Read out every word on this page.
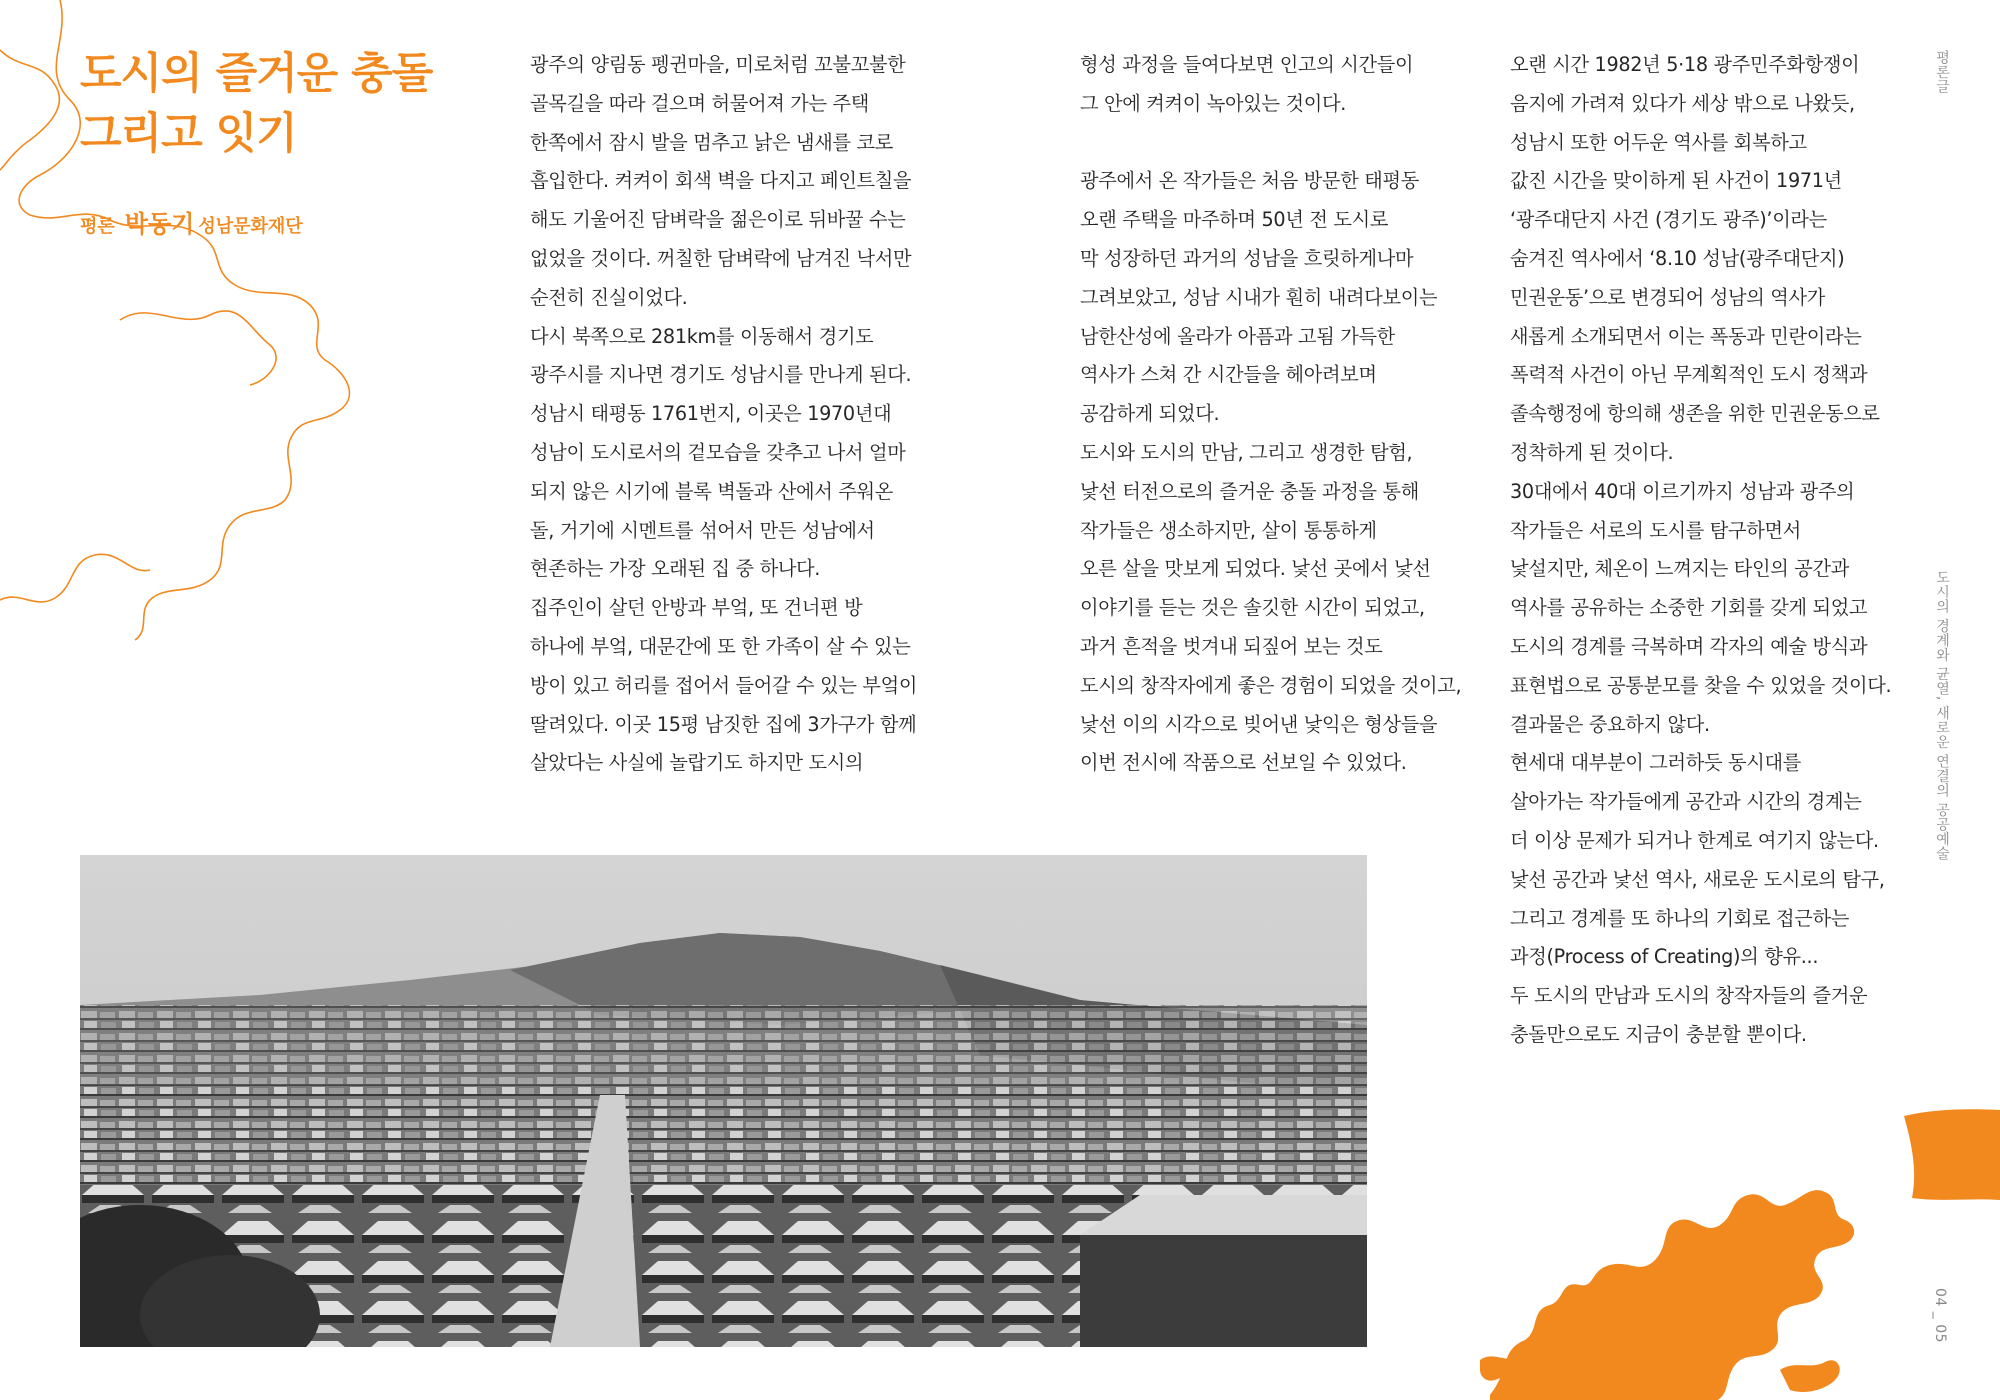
도시의 즐거운 충돌
그리고 잇기
평론 박동기 성남문화재단

광주의 양림동 펭귄마을, 미로처럼 꼬불꼬불한

골목길을 따라 걸으며 허물어져 가는 주택

한쪽에서 잠시 발을 멈추고 낡은 냄새를 코로

흡입한다. 켜켜이 회색 벽을 다지고 페인트칠을

해도 기울어진 담벼락을 젊은이로 뒤바꿀 수는

없었을 것이다. 꺼칠한 담벼락에 남겨진 낙서만

순전히 진실이었다.

다시 북쪽으로 281km를 이동해서 경기도

광주시를 지나면 경기도 성남시를 만나게 된다.

성남시 태평동 1761번지, 이곳은 1970년대

성남이 도시로서의 겉모습을 갖추고 나서 얼마

되지 않은 시기에 블록 벽돌과 산에서 주워온

돌, 거기에 시멘트를 섞어서 만든 성남에서

현존하는 가장 오래된 집 중 하나다.

집주인이 살던 안방과 부엌, 또 건너편 방

하나에 부엌, 대문간에 또 한 가족이 살 수 있는

방이 있고 허리를 접어서 들어갈 수 있는 부엌이

딸려있다. 이곳 15평 남짓한 집에 3가구가 함께

살았다는 사실에 놀랍기도 하지만 도시의

형성 과정을 들여다보면 인고의 시간들이

그 안에 켜켜이 녹아있는 것이다.

광주에서 온 작가들은 처음 방문한 태평동

오랜 주택을 마주하며 50년 전 도시로

막 성장하던 과거의 성남을 흐릿하게나마

그려보았고, 성남 시내가 훤히 내려다보이는

남한산성에 올라가 아픔과 고됨 가득한

역사가 스쳐 간 시간들을 헤아려보며

공감하게 되었다.

도시와 도시의 만남, 그리고 생경한 탐험,

낯선 터전으로의 즐거운 충돌 과정을 통해

작가들은 생소하지만, 살이 통통하게

오른 살을 맛보게 되었다. 낯선 곳에서 낯선

이야기를 듣는 것은 솔깃한 시간이 되었고,

과거 흔적을 벗겨내 되짚어 보는 것도

도시의 창작자에게 좋은 경험이 되었을 것이고,

낯선 이의 시각으로 빚어낸 낯익은 형상들을

이번 전시에 작품으로 선보일 수 있었다.

오랜 시간 1982년 5·18 광주민주화항쟁이

음지에 가려져 있다가 세상 밖으로 나왔듯,

성남시 또한 어두운 역사를 회복하고

값진 시간을 맞이하게 된 사건이 1971년

‘광주대단지 사건 (경기도 광주)’이라는

숨겨진 역사에서 ‘8.10 성남(광주대단지)

민권운동’으로 변경되어 성남의 역사가

새롭게 소개되면서 이는 폭동과 민란이라는

폭력적 사건이 아닌 무계획적인 도시 정책과

졸속행정에 항의해 생존을 위한 민권운동으로

정착하게 된 것이다.

30대에서 40대 이르기까지 성남과 광주의

작가들은 서로의 도시를 탐구하면서

낯설지만, 체온이 느껴지는 타인의 공간과

역사를 공유하는 소중한 기회를 갖게 되었고

도시의 경계를 극복하며 각자의 예술 방식과

표현법으로 공통분모를 찾을 수 있었을 것이다.

결과물은 중요하지 않다.

현세대 대부분이 그러하듯 동시대를

살아가는 작가들에게 공간과 시간의 경계는

더 이상 문제가 되거나 한계로 여기지 않는다.

낯선 공간과 낯선 역사, 새로운 도시로의 탐구,

그리고 경계를 또 하나의 기회로 접근하는

과정(Process of Creating)의 향유...

두 도시의 만남과 도시의 창작자들의 즐거운

충돌만으로도 지금이 충분할 뿐이다.

평론글
도시의 경계와 균열, 새로운 연결의 공공예술
04 _ 05
